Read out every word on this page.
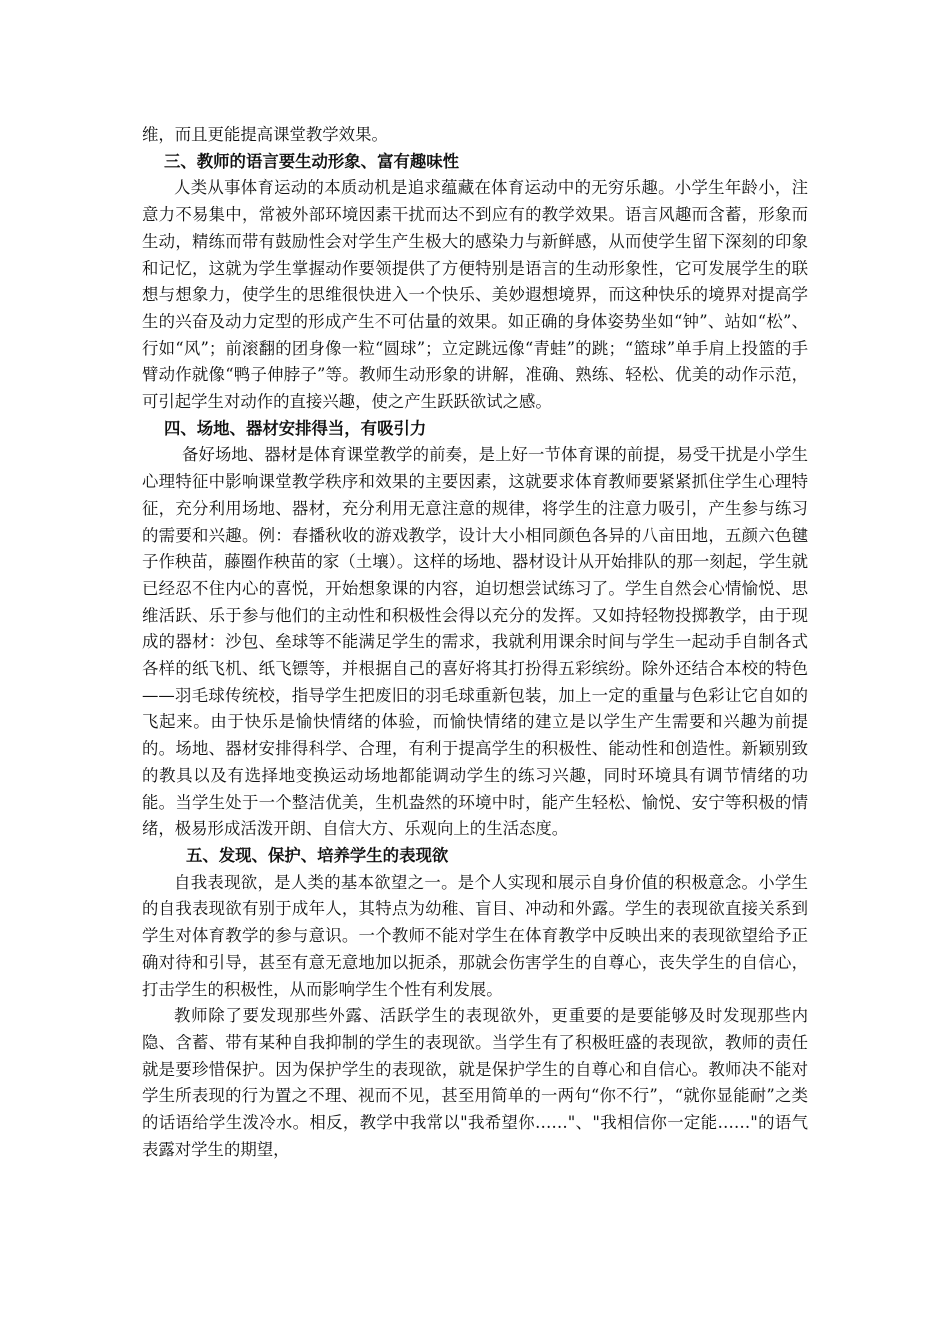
维，而且更能提高课堂教学效果。

三、教师的语言要生动形象、富有趣味性

人类从事体育运动的本质动机是追求蕴藏在体育运动中的无穷乐趣。小学生年龄小，注意力不易集中，常被外部环境因素干扰而达不到应有的教学效果。语言风趣而含蓄，形象而生动，精练而带有鼓励性会对学生产生极大的感染力与新鲜感，从而使学生留下深刻的印象和记忆，这就为学生掌握动作要领提供了方便特别是语言的生动形象性，它可发展学生的联想与想象力，使学生的思维很快进入一个快乐、美妙遐想境界，而这种快乐的境界对提高学生的兴奋及动力定型的形成产生不可估量的效果。如正确的身体姿势坐如“钟”、站如“松”、行如“风”；前滚翻的团身像一粒“圆球”；立定跳远像“青蛙”的跳；“篮球”单手肩上投篮的手臂动作就像“鸭子伸脖子”等。教师生动形象的讲解，准确、熟练、轻松、优美的动作示范，可引起学生对动作的直接兴趣，使之产生跃跃欲试之感。

四、场地、器材安排得当，有吸引力

备好场地、器材是体育课堂教学的前奏，是上好一节体育课的前提，易受干扰是小学生心理特征中影响课堂教学秩序和效果的主要因素，这就要求体育教师要紧紧抓住学生心理特征，充分利用场地、器材，充分利用无意注意的规律，将学生的注意力吸引，产生参与练习的需要和兴趣。例：春播秋收的游戏教学，设计大小相同颜色各异的八亩田地，五颜六色毽子作秧苗，藤圈作秧苗的家（土壤）。这样的场地、器材设计从开始排队的那一刻起，学生就已经忍不住内心的喜悦，开始想象课的内容，迫切想尝试练习了。学生自然会心情愉悦、思维活跃、乐于参与他们的主动性和积极性会得以充分的发挥。又如持轻物投掷教学，由于现成的器材：沙包、垒球等不能满足学生的需求，我就利用课余时间与学生一起动手自制各式各样的纸飞机、纸飞镖等，并根据自己的喜好将其打扮得五彩缤纷。除外还结合本校的特色——羽毛球传统校，指导学生把废旧的羽毛球重新包装，加上一定的重量与色彩让它自如的飞起来。由于快乐是愉快情绪的体验，而愉快情绪的建立是以学生产生需要和兴趣为前提的。场地、器材安排得科学、合理，有利于提高学生的积极性、能动性和创造性。新颖别致的教具以及有选择地变换运动场地都能调动学生的练习兴趣，同时环境具有调节情绪的功能。当学生处于一个整洁优美，生机盎然的环境中时，能产生轻松、愉悦、安宁等积极的情绪，极易形成活泼开朗、自信大方、乐观向上的生活态度。

五、发现、保护、培养学生的表现欲

自我表现欲，是人类的基本欲望之一。是个人实现和展示自身价值的积极意念。小学生的自我表现欲有别于成年人，其特点为幼稚、盲目、冲动和外露。学生的表现欲直接关系到学生对体育教学的参与意识。一个教师不能对学生在体育教学中反映出来的表现欲望给予正确对待和引导，甚至有意无意地加以扼杀，那就会伤害学生的自尊心，丧失学生的自信心，打击学生的积极性，从而影响学生个性有利发展。

教师除了要发现那些外露、活跃学生的表现欲外，更重要的是要能够及时发现那些内隐、含蓄、带有某种自我抑制的学生的表现欲。当学生有了积极旺盛的表现欲，教师的责任就是要珍惜保护。因为保护学生的表现欲，就是保护学生的自尊心和自信心。教师决不能对学生所表现的行为置之不理、视而不见，甚至用简单的一两句“你不行”，“就你显能耐”之类的话语给学生泼冷水。相反，教学中我常以"我希望你……"、"我相信你一定能……"的语气表露对学生的期望，
